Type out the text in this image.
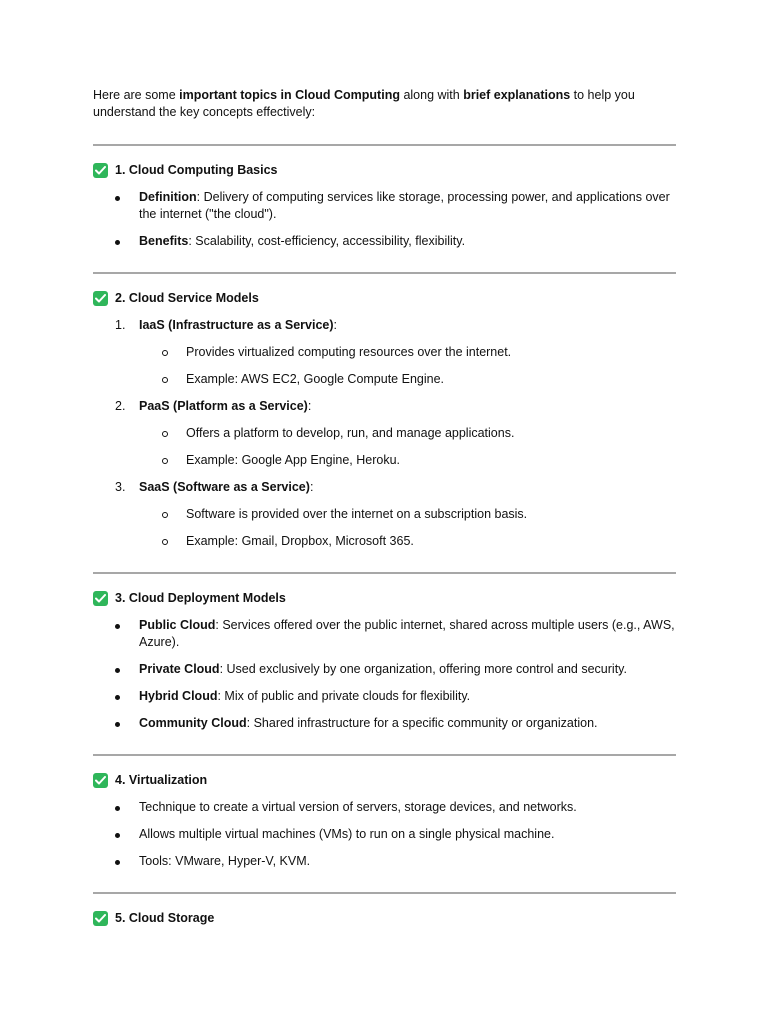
Here are some important topics in Cloud Computing along with brief explanations to help you understand the key concepts effectively:

1. Cloud Computing Basics
Definition: Delivery of computing services like storage, processing power, and applications over the internet ("the cloud").
Benefits: Scalability, cost-efficiency, accessibility, flexibility.
2. Cloud Service Models
1. IaaS (Infrastructure as a Service):
Provides virtualized computing resources over the internet.
Example: AWS EC2, Google Compute Engine.
2. PaaS (Platform as a Service):
Offers a platform to develop, run, and manage applications.
Example: Google App Engine, Heroku.
3. SaaS (Software as a Service):
Software is provided over the internet on a subscription basis.
Example: Gmail, Dropbox, Microsoft 365.
3. Cloud Deployment Models
Public Cloud: Services offered over the public internet, shared across multiple users (e.g., AWS, Azure).
Private Cloud: Used exclusively by one organization, offering more control and security.
Hybrid Cloud: Mix of public and private clouds for flexibility.
Community Cloud: Shared infrastructure for a specific community or organization.
4. Virtualization
Technique to create a virtual version of servers, storage devices, and networks.
Allows multiple virtual machines (VMs) to run on a single physical machine.
Tools: VMware, Hyper-V, KVM.
5. Cloud Storage
